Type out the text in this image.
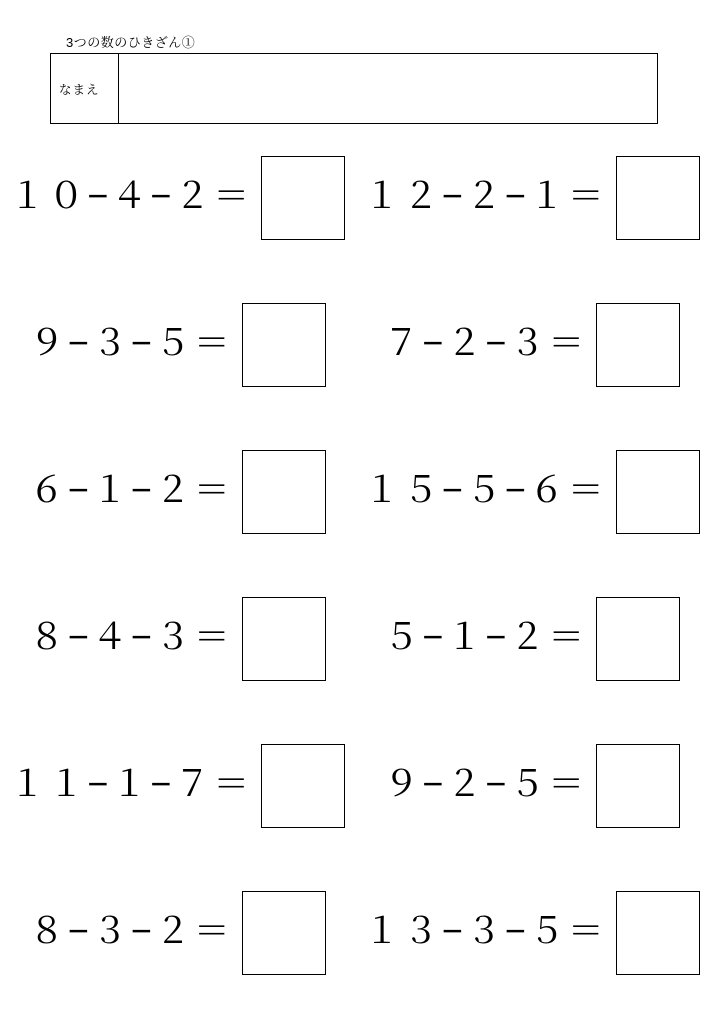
3つの数のひきざん①
なまえ
１０−４−２＝	１２−２−１＝
９−３−５＝	７−２−３＝
６−１−２＝	１５−５−６＝
８−４−３＝	５−１−２＝
１１−１−７＝	９−２−５＝
８−３−２＝	１３−３−５＝
